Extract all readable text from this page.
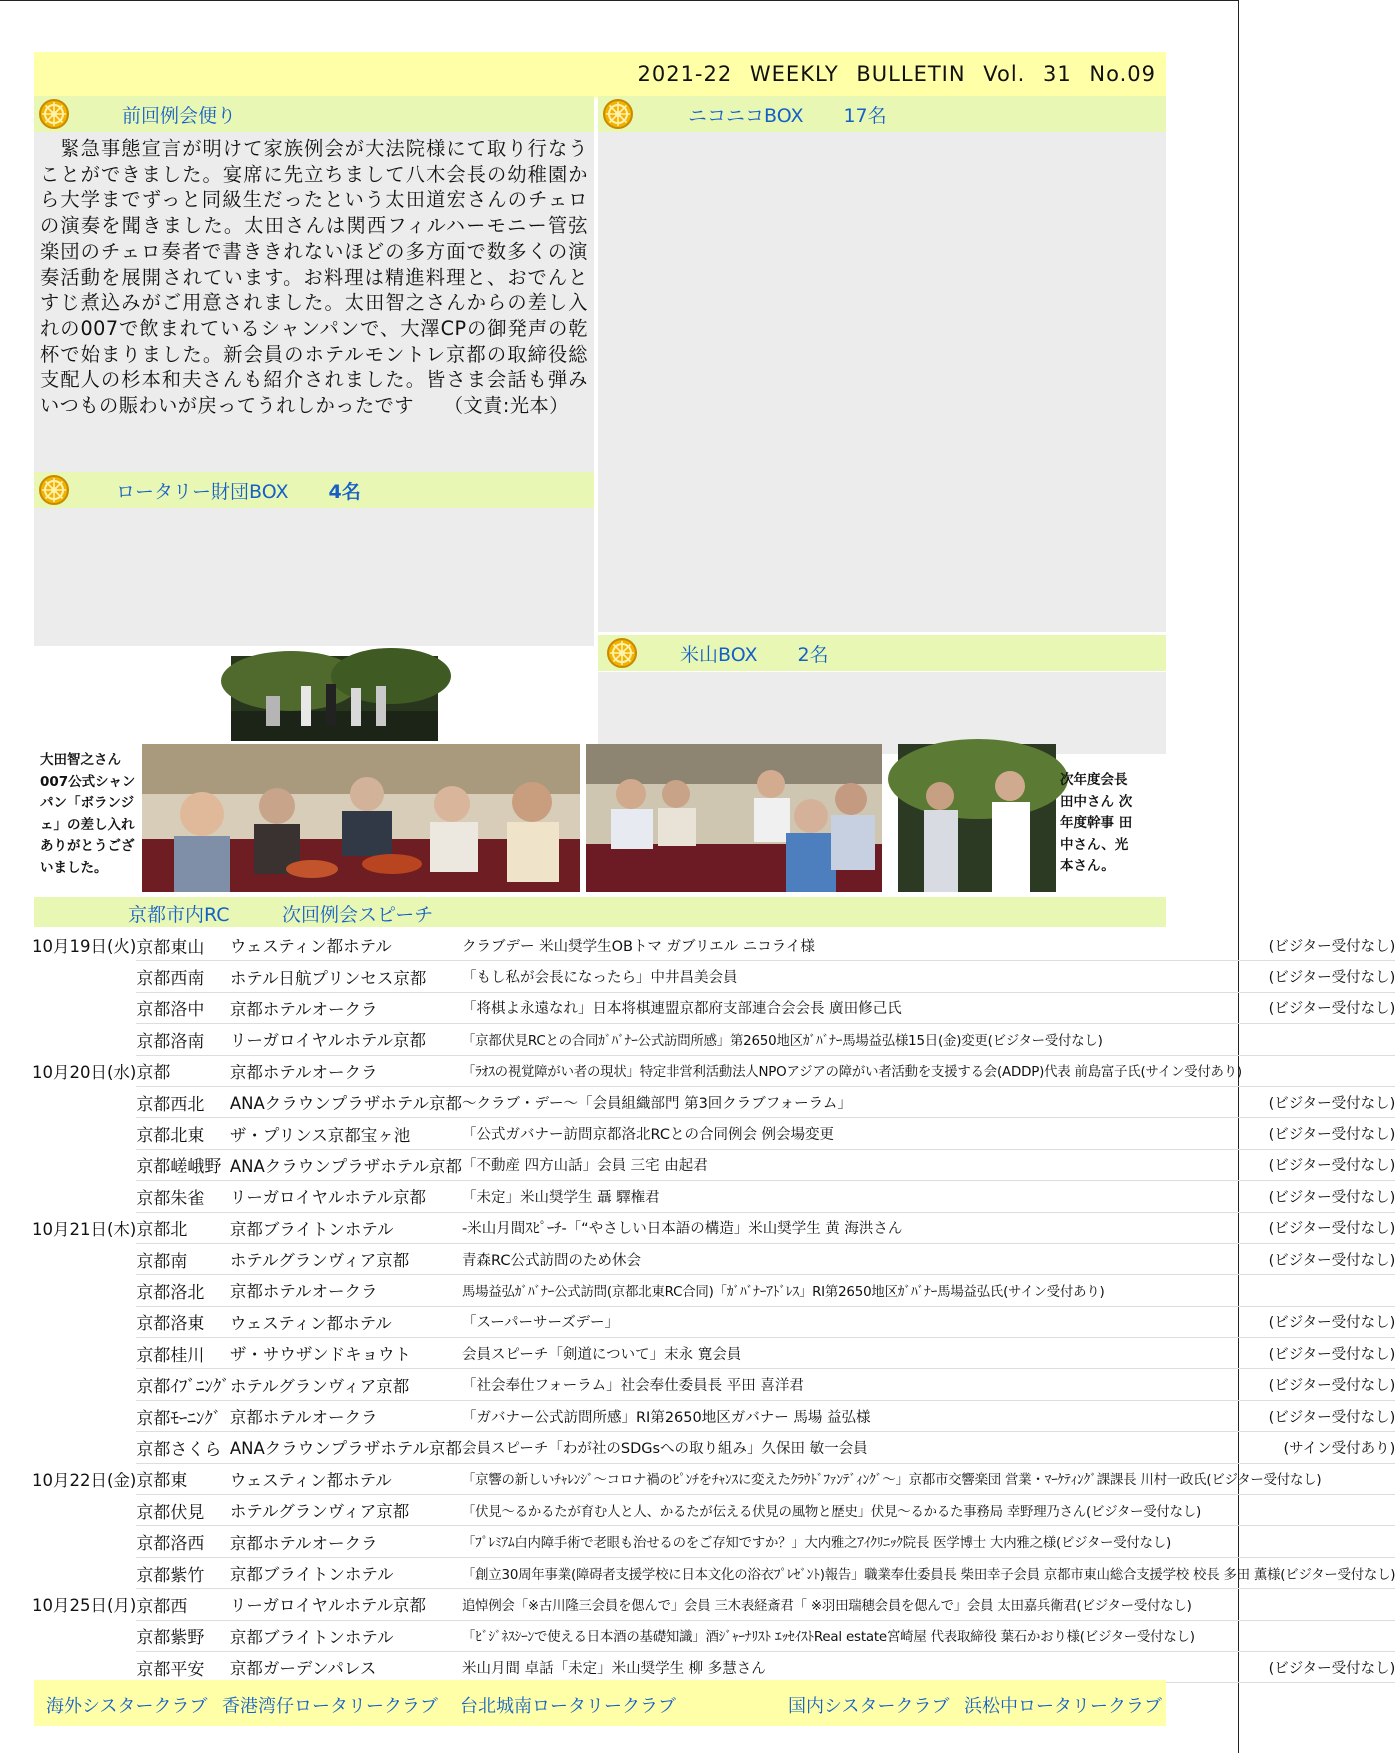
2021-22 WEEKLY BULLETIN Vol. 31 No.09
前回例会便り	ニコニコBOX 17名
　緊急事態宣言が明けて家族例会が大法院様にて取り行なうことができました。宴席に先立ちまして八木会長の幼稚園から大学までずっと同級生だったという太田道宏さんのチェロの演奏を聞きました。太田さんは関西フィルハーモニー管弦楽団のチェロ奏者で書ききれないほどの多方面で数多くの演奏活動を展開されています。お料理は精進料理と、おでんとすじ煮込みがご用意されました。太田智之さんからの差し入れの007で飲まれているシャンパンで、大澤CPの御発声の乾杯で始まりました。新会員のホテルモントレ京都の取締役総支配人の杉本和夫さんも紹介されました。皆さま会話も弾みいつもの賑わいが戻ってうれしかったです　　（文責:光本）
ロータリー財団BOX 4名
米山BOX 2名
大田智之さん 007公式シャンパン「ボランジェ」の差し入れありがとうございました。
次年度会長 田中さん 次年度幹事 田中さん、光本さん。
京都市内RC	次回例会スピーチ
10月19日(火)	京都東山	ウェスティン都ホテル	クラブデー 米山奨学生OBトマ ガブリエル ニコライ様	(ビジター受付なし)
	京都西南	ホテル日航プリンセス京都	「もし私が会長になったら」中井昌美会員	(ビジター受付なし)
	京都洛中	京都ホテルオークラ	「将棋よ永遠なれ」日本将棋連盟京都府支部連合会会長 廣田修己氏	(ビジター受付なし)
	京都洛南	リーガロイヤルホテル京都	「京都伏見RCとの合同ｶﾞﾊﾞﾅｰ公式訪問所感」第2650地区ｶﾞﾊﾞﾅｰ馬場益弘様15日(金)変更(ビジター受付なし)	
10月20日(水)	京都	京都ホテルオークラ	「ﾗｵｽの視覚障がい者の現状」特定非営利活動法人NPOアジアの障がい者活動を支援する会(ADDP)代表 前島富子氏(サイン受付あり)	
	京都西北	ANAクラウンプラザホテル京都	～クラブ・デー～「会員組織部門 第3回クラブフォーラム」	(ビジター受付なし)
	京都北東	ザ・プリンス京都宝ヶ池	「公式ガバナー訪問京都洛北RCとの合同例会 例会場変更	(ビジター受付なし)
	京都嵯峨野	ANAクラウンプラザホテル京都	「不動産 四方山話」会員 三宅 由起君	(ビジター受付なし)
	京都朱雀	リーガロイヤルホテル京都	「未定」米山奨学生 聶 驛権君	(ビジター受付なし)
10月21日(木)	京都北	京都ブライトンホテル	-米山月間ｽﾋﾟｰﾁ-「“やさしい日本語の構造」米山奨学生 黄 海洪さん	(ビジター受付なし)
	京都南	ホテルグランヴィア京都	青森RC公式訪問のため休会	(ビジター受付なし)
	京都洛北	京都ホテルオークラ	馬場益弘ｶﾞﾊﾞﾅｰ公式訪問(京都北東RC合同)「ｶﾞﾊﾞﾅｰｱﾄﾞﾚｽ」RI第2650地区ｶﾞﾊﾞﾅｰ馬場益弘氏(サイン受付あり)	
	京都洛東	ウェスティン都ホテル	「スーパーサーズデー」	(ビジター受付なし)
	京都桂川	ザ・サウザンドキョウト	会員スピーチ「剣道について」末永 寛会員	(ビジター受付なし)
	京都ｲﾌﾞﾆﾝｸﾞ	ホテルグランヴィア京都	「社会奉仕フォーラム」社会奉仕委員長 平田 喜洋君	(ビジター受付なし)
	京都ﾓｰﾆﾝｸﾞ	京都ホテルオークラ	「ガバナー公式訪問所感」RI第2650地区ガバナー 馬場 益弘様	(ビジター受付なし)
	京都さくら	ANAクラウンプラザホテル京都	会員スピーチ「わが社のSDGsへの取り組み」久保田 敏一会員	(サイン受付あり)
10月22日(金)	京都東	ウェスティン都ホテル	「京響の新しいﾁｬﾚﾝｼﾞ～コロナ禍のﾋﾟﾝﾁをﾁｬﾝｽに変えたｸﾗｳﾄﾞﾌｧﾝﾃﾞｨﾝｸﾞ～」京都市交響楽団 営業・ﾏｰｹﾃｨﾝｸﾞ課課長 川村一政氏(ビジター受付なし)	
	京都伏見	ホテルグランヴィア京都	「伏見～るかるたが育む人と人、かるたが伝える伏見の風物と歴史」伏見～るかるた事務局 幸野理乃さん(ビジター受付なし)	
	京都洛西	京都ホテルオークラ	「ﾌﾟﾚﾐｱﾑ白内障手術で老眼も治せるのをご存知ですか？」大内雅之ｱｲｸﾘﾆｯｸ院長 医学博士 大内雅之様(ビジター受付なし)	
	京都紫竹	京都ブライトンホテル	「創立30周年事業(障碍者支援学校に日本文化の浴衣ﾌﾟﾚｾﾞﾝﾄ)報告」職業奉仕委員長 柴田幸子会員 京都市東山総合支援学校 校長 多田 薫様(ビジター受付なし)	
10月25日(月)	京都西	リーガロイヤルホテル京都	追悼例会「※古川隆三会員を偲んで」会員 三木表経斎君「 ※羽田瑞穂会員を偲んで」会員 太田嘉兵衛君(ビジター受付なし)	
	京都紫野	京都ブライトンホテル	「ﾋﾞｼﾞﾈｽｼｰﾝで使える日本酒の基礎知識」酒ｼﾞｬｰﾅﾘｽﾄ ｴｯｾｲｽﾄReal estate宮崎屋 代表取締役 葉石かおり様(ビジター受付なし)	
	京都平安	京都ガーデンパレス	米山月間 卓話「未定」米山奨学生 柳 多慧さん	(ビジター受付なし)
海外シスタークラブ 香港湾仔ロータリークラブ 台北城南ロータリークラブ	国内シスタークラブ 浜松中ロータリークラブ
